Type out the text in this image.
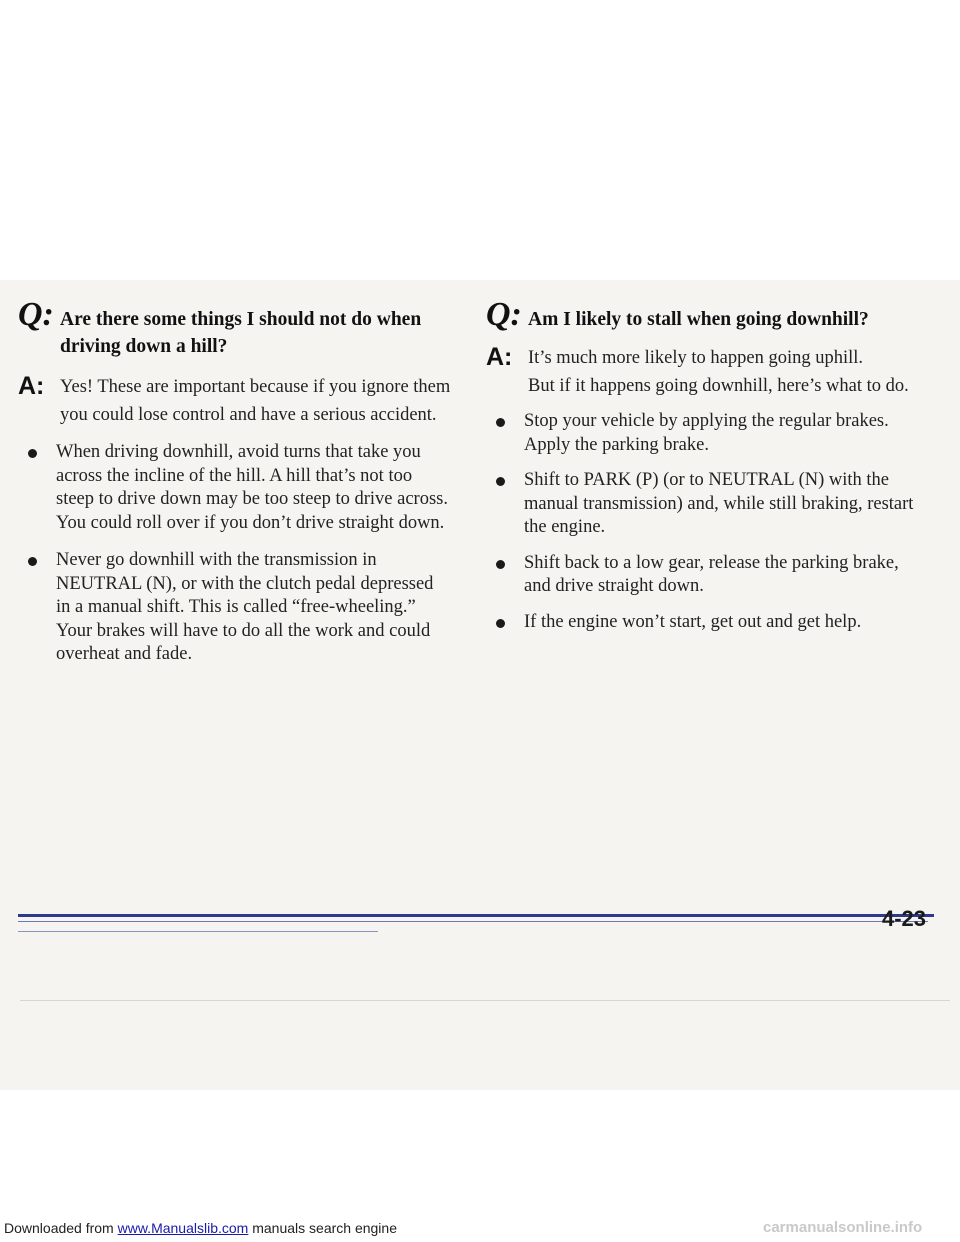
Q: Are there some things I should not do when
driving down a hill?
A: Yes! These are important because if you ignore them
you could lose control and have a serious accident.
When driving downhill, avoid turns that take you
across the incline of the hill. A hill that’s not too
steep to drive down may be too steep to drive across.
You could roll over if you don’t drive straight down.
Never go downhill with the transmission in
NEUTRAL (N), or with the clutch pedal depressed
in a manual shift. This is called “free-wheeling.”
Your brakes will have to do all the work and could
overheat and fade.
Q: Am I likely to stall when going downhill?
A: It’s much more likely to happen going uphill.
But if it happens going downhill, here’s what to do.
Stop your vehicle by applying the regular brakes.
Apply the parking brake.
Shift to PARK (P) (or to NEUTRAL (N) with the
manual transmission) and, while still braking, restart
the engine.
Shift back to a low gear, release the parking brake,
and drive straight down.
If the engine won’t start, get out and get help.
4-23
Downloaded from www.Manualslib.com manuals search engine	carmanualsonline.info
